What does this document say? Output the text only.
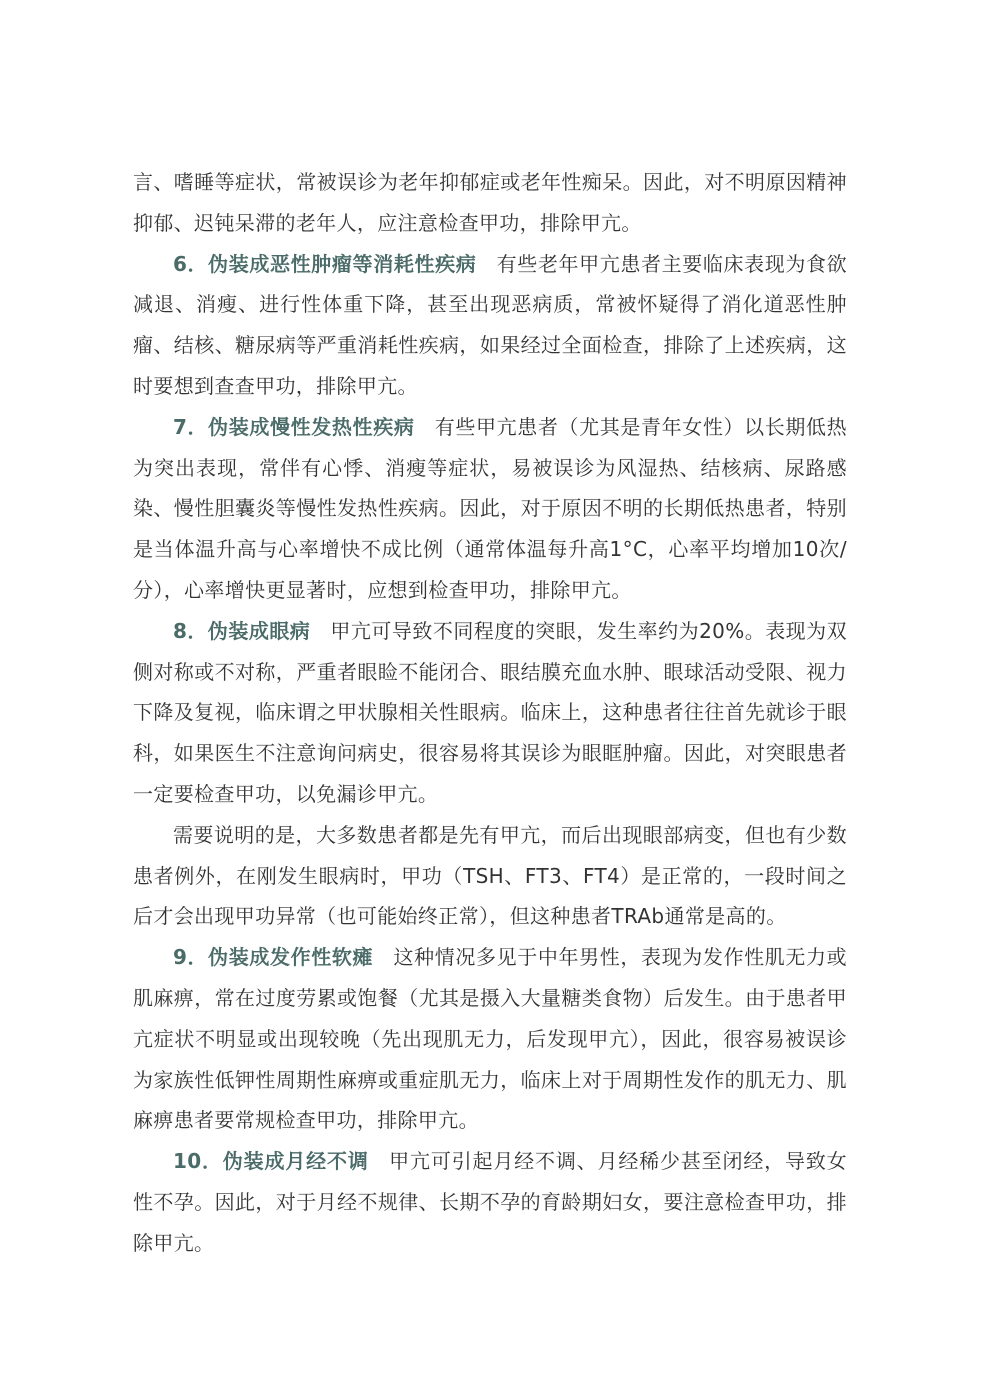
言、嗜睡等症状，常被误诊为老年抑郁症或老年性痴呆。因此，对不明原因精神抑郁、迟钝呆滞的老年人，应注意检查甲功，排除甲亢。

6．伪装成恶性肿瘤等消耗性疾病 有些老年甲亢患者主要临床表现为食欲减退、消瘦、进行性体重下降，甚至出现恶病质，常被怀疑得了消化道恶性肿瘤、结核、糖尿病等严重消耗性疾病，如果经过全面检查，排除了上述疾病，这时要想到查查甲功，排除甲亢。

7．伪装成慢性发热性疾病 有些甲亢患者（尤其是青年女性）以长期低热为突出表现，常伴有心悸、消瘦等症状，易被误诊为风湿热、结核病、尿路感染、慢性胆囊炎等慢性发热性疾病。因此，对于原因不明的长期低热患者，特别是当体温升高与心率增快不成比例（通常体温每升高1°C，心率平均增加10次/分），心率增快更显著时，应想到检查甲功，排除甲亢。

8．伪装成眼病 甲亢可导致不同程度的突眼，发生率约为20%。表现为双侧对称或不对称，严重者眼睑不能闭合、眼结膜充血水肿、眼球活动受限、视力下降及复视，临床谓之甲状腺相关性眼病。临床上，这种患者往往首先就诊于眼科，如果医生不注意询问病史，很容易将其误诊为眼眶肿瘤。因此，对突眼患者一定要检查甲功，以免漏诊甲亢。

需要说明的是，大多数患者都是先有甲亢，而后出现眼部病变，但也有少数患者例外，在刚发生眼病时，甲功（TSH、FT3、FT4）是正常的，一段时间之后才会出现甲功异常（也可能始终正常），但这种患者TRAb通常是高的。

9．伪装成发作性软瘫 这种情况多见于中年男性，表现为发作性肌无力或肌麻痹，常在过度劳累或饱餐（尤其是摄入大量糖类食物）后发生。由于患者甲亢症状不明显或出现较晚（先出现肌无力，后发现甲亢），因此，很容易被误诊为家族性低钾性周期性麻痹或重症肌无力，临床上对于周期性发作的肌无力、肌麻痹患者要常规检查甲功，排除甲亢。

10．伪装成月经不调 甲亢可引起月经不调、月经稀少甚至闭经，导致女性不孕。因此，对于月经不规律、长期不孕的育龄期妇女，要注意检查甲功，排除甲亢。
